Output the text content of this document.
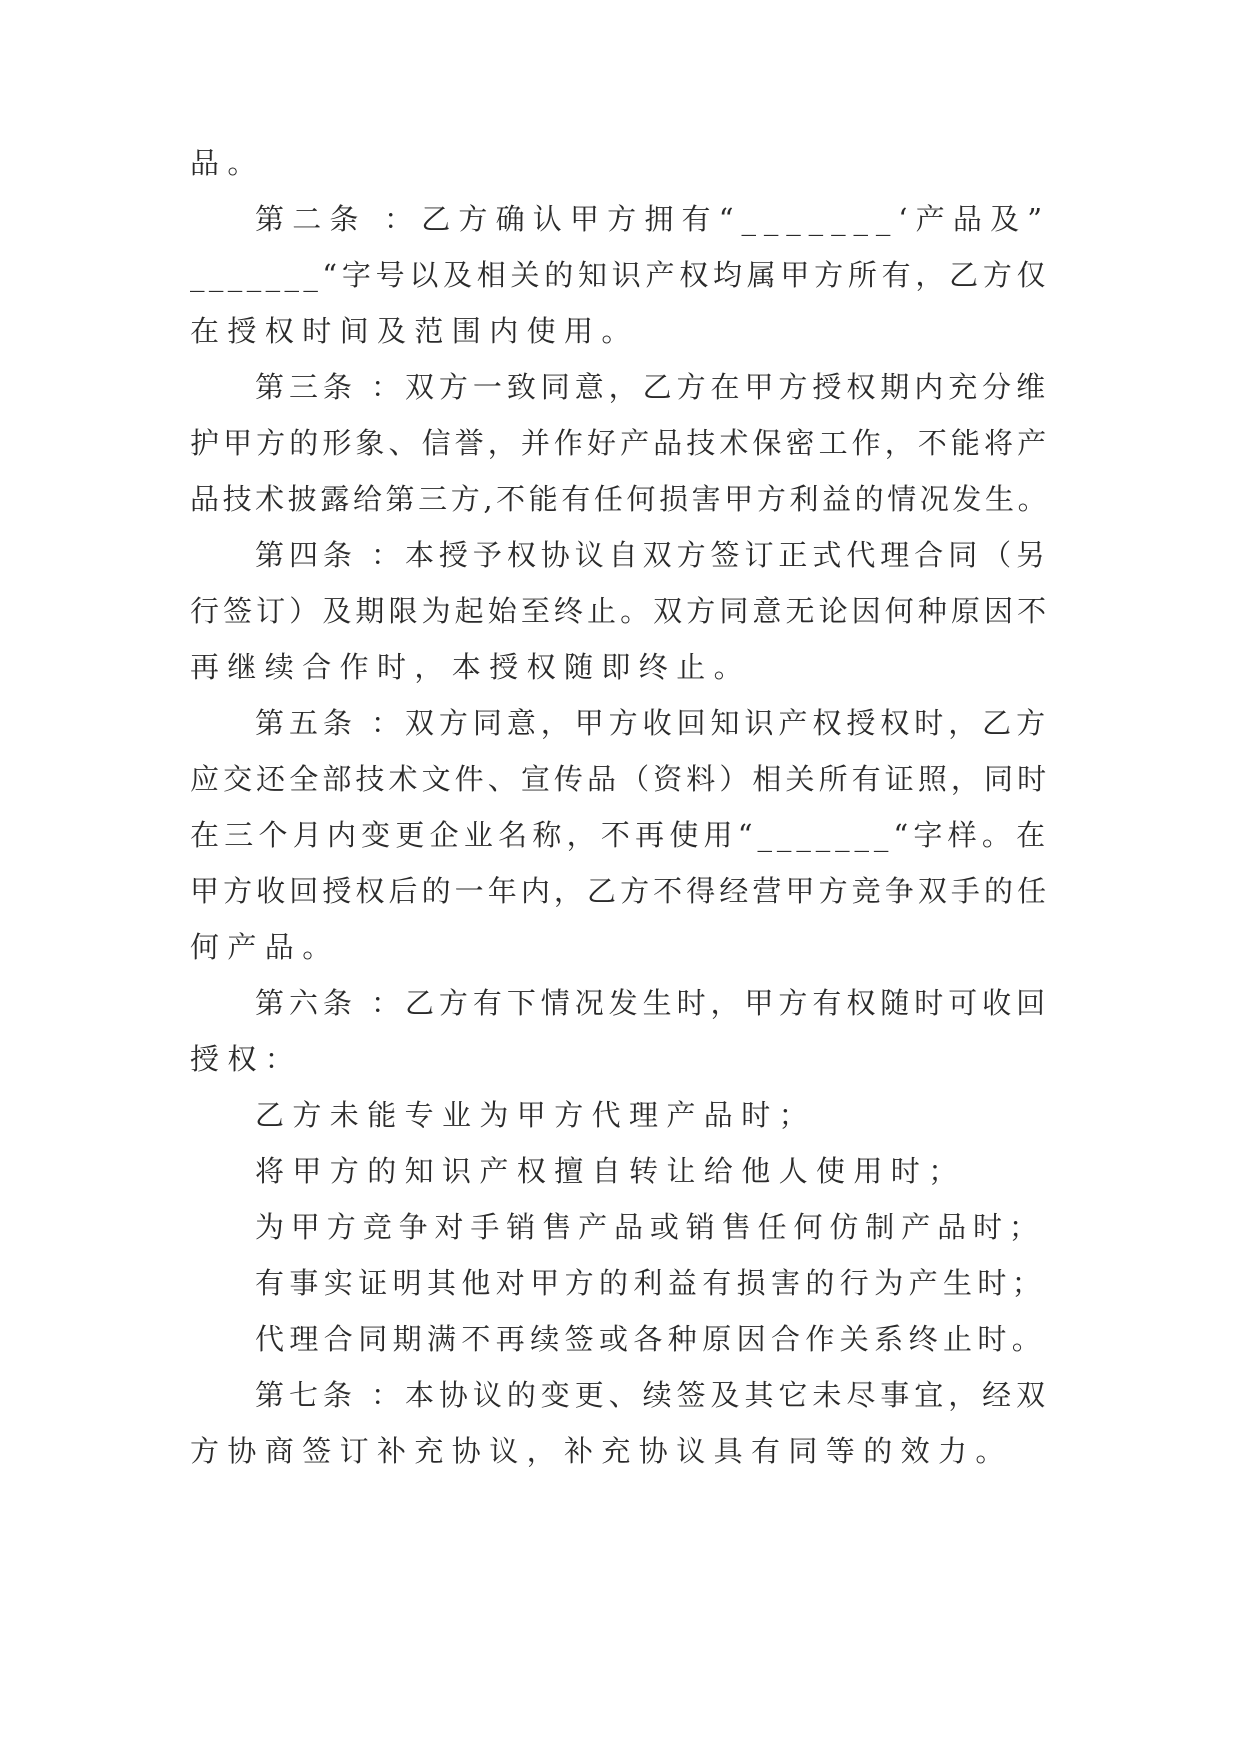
品。
第二条 ：乙方确认甲方拥有“_______‘产品及”
_______“字号以及相关的知识产权均属甲方所有，乙方仅
在授权时间及范围内使用。
第三条 ：双方一致同意，乙方在甲方授权期内充分维
护甲方的形象、信誉，并作好产品技术保密工作，不能将产
品技术披露给第三方,不能有任何损害甲方利益的情况发生。
第四条 ：本授予权协议自双方签订正式代理合同（另
行签订）及期限为起始至终止。双方同意无论因何种原因不
再继续合作时，本授权随即终止。
第五条 ：双方同意，甲方收回知识产权授权时，乙方
应交还全部技术文件、宣传品（资料）相关所有证照，同时
在三个月内变更企业名称，不再使用“_______“字样。在
甲方收回授权后的一年内，乙方不得经营甲方竞争双手的任
何产品。
第六条 ：乙方有下情况发生时，甲方有权随时可收回
授权：
乙方未能专业为甲方代理产品时；
将甲方的知识产权擅自转让给他人使用时；
为甲方竞争对手销售产品或销售任何仿制产品时；
有事实证明其他对甲方的利益有损害的行为产生时；
代理合同期满不再续签或各种原因合作关系终止时。
第七条 ：本协议的变更、续签及其它未尽事宜，经双
方协商签订补充协议，补充协议具有同等的效力。
